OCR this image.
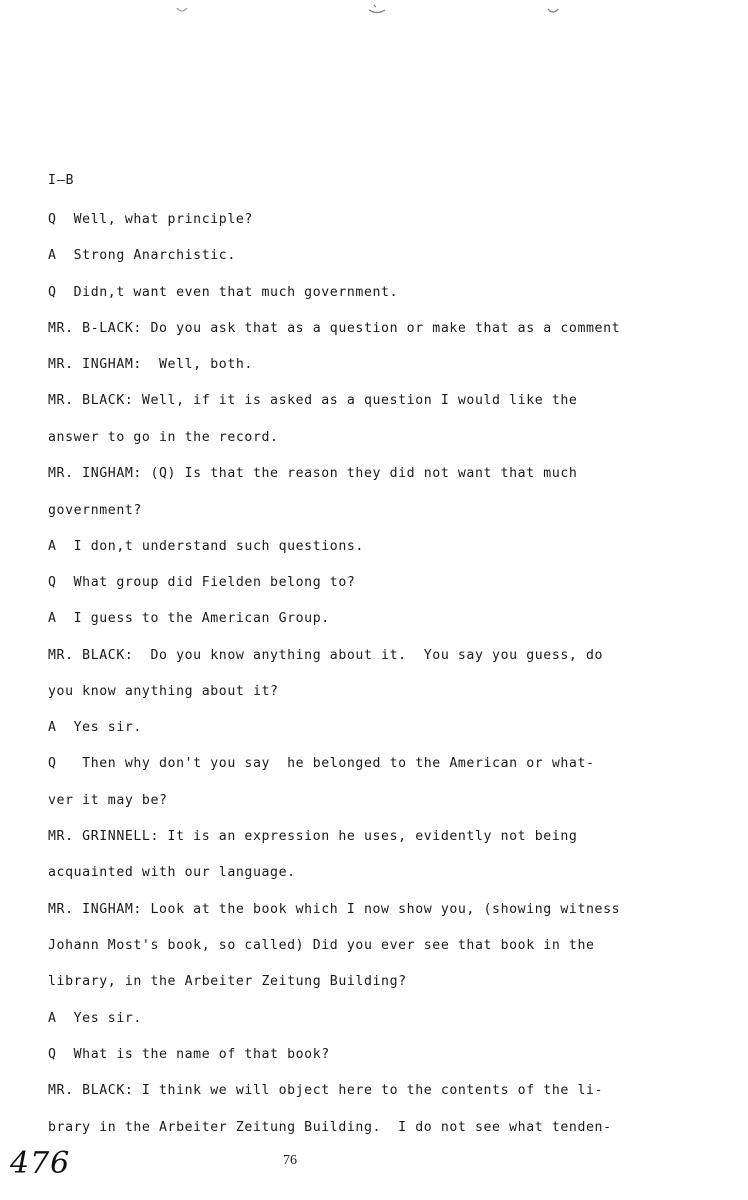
I—B
Q  Well, what principle?
A  Strong Anarchistic.
Q  Didn,t want even that much government.
MR. B-LACK: Do you ask that as a question or make that as a comment
MR. INGHAM:  Well, both.
MR. BLACK: Well, if it is asked as a question I would like the
answer to go in the record.
MR. INGHAM: (Q) Is that the reason they did not want that much
government?
A  I don,t understand such questions.
Q  What group did Fielden belong to?
A  I guess to the American Group.
MR. BLACK:  Do you know anything about it.  You say you guess, do
you know anything about it?
A  Yes sir.
Q   Then why don't you say  he belonged to the American or what-
ver it may be?
MR. GRINNELL: It is an expression he uses, evidently not being
acquainted with our language.
MR. INGHAM: Look at the book which I now show you, (showing witness
Johann Most's book, so called) Did you ever see that book in the
library, in the Arbeiter Zeitung Building?
A  Yes sir.
Q  What is the name of that book?
MR. BLACK: I think we will object here to the contents of the li-
brary in the Arbeiter Zeitung Building.  I do not see what tenden-
476	76
